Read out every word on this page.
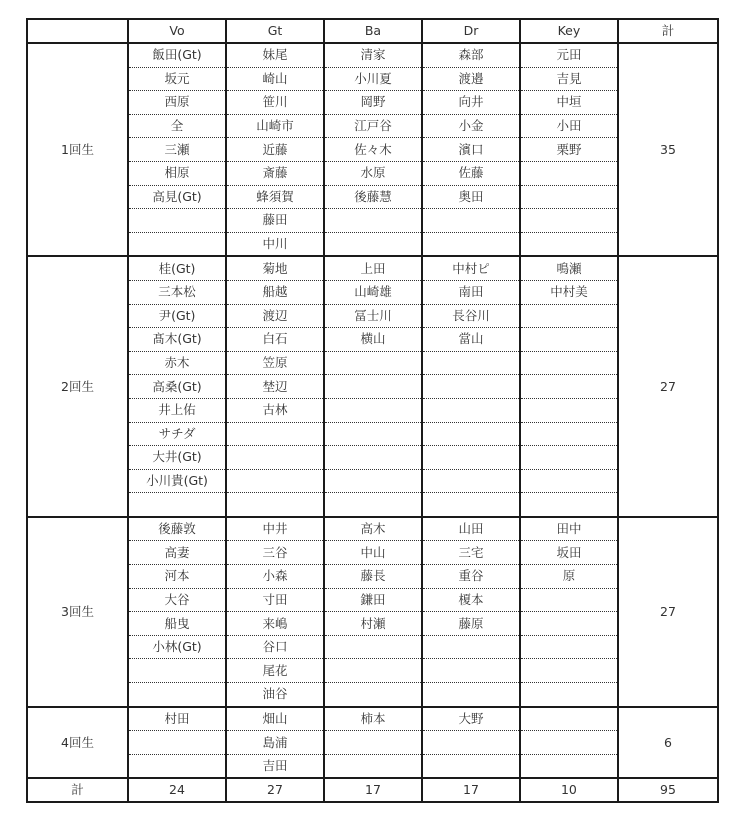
	Vo	Gt	Ba	Dr	Key	計
1回生	飯田(Gt)	妹尾	清家	森部	元田	35
	坂元	崎山	小川夏	渡邉	吉見	
	西原	笹川	岡野	向井	中垣	
	全	山崎市	江戸谷	小金	小田	
	三瀬	近藤	佐々木	濱口	栗野	
	相原	斎藤	水原	佐藤		
	高見(Gt)	蜂須賀	後藤慧	奥田		
		藤田				
		中川				
2回生	桂(Gt)	菊地	上田	中村ピ	鳴瀬	27
	三本松	船越	山崎雄	南田	中村美	
	尹(Gt)	渡辺	冨士川	長谷川		
	髙木(Gt)	白石	横山	當山		
	赤木	笠原				
	高桑(Gt)	埜辺				
	井上佑	古林				
	サチダ					
	大井(Gt)					
	小川貴(Gt)					

3回生	後藤敦	中井	高木	山田	田中	27
	高妻	三谷	中山	三宅	坂田	
	河本	小森	藤長	重谷	原	
	大谷	寸田	鎌田	榎本		
	船曳	来嶋	村瀬	藤原		
	小林(Gt)	谷口				
		尾花				
		油谷				
4回生	村田	畑山	柿本	大野		6
		島浦				
		吉田				
計	24	27	17	17	10	95
